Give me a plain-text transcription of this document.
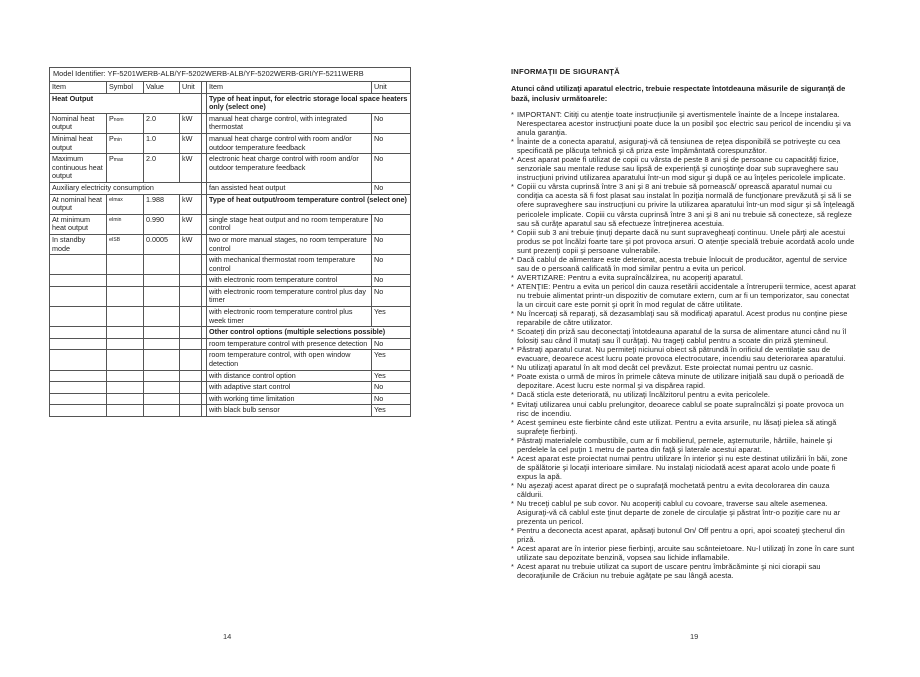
Model Identifier: YF-5201WERB-ALB/YF-5202WERB-ALB/YF-5202WERB-GRI/YF-5211WERB						
Item	Symbol	Value	Unit		Item	Unit
Heat Output					Type of heat input, for electric storage local space heaters only (select one)	
Nominal heat output	Pnom	2.0	kW		manual heat charge control, with integrated thermostat	No
Minimal heat output	Pmin	1.0	kW		manual heat charge control with room and/or outdoor temperature feedback	No
Maximum continuous heat output	Pmax	2.0	kW		electronic heat charge control with room and/or outdoor temperature feedback	No
Auxiliary electricity consumption					fan assisted heat output	No
At nominal heat output	elmax	1.988	kW		Type of heat output/room temperature control (select one)	
At minimum heat output	elmin	0.990	kW		single stage heat output and no room temperature control	No
In standby mode	elSB	0.0005	kW		two or more manual stages, no room temperature control	No
					with mechanical thermostat room temperature control	No
					with electronic room temperature control	No
					with electronic room temperature control plus day timer	No
					with electronic room temperature control plus week timer	Yes
					Other control options (multiple selections possible)	
					room temperature control with presence detection	No
					room temperature control, with open window detection	Yes
					with distance control option	Yes
					with adaptive start control	No
					with working time limitation	No
					with black bulb sensor	Yes
14
INFORMAŢII DE SIGURANŢĂ

Atunci când utilizaţi aparatul electric, trebuie respectate întotdeauna măsurile de siguranţă de bază, inclusiv următoarele:

* IMPORTANT: Citiţi cu atenţie toate instrucţiunile şi avertismentele înainte de a începe instalarea. Nerespectarea acestor instrucţiuni poate duce la un posibil şoc electric sau pericol de incendiu şi va anula garanţia.
* Înainte de a conecta aparatul, asiguraţi-vă că tensiunea de reţea disponibilă se potriveşte cu cea specificată pe plăcuţa tehnică şi că priza este împământată corespunzător.
* Acest aparat poate fi utilizat de copii cu vârsta de peste 8 ani şi de persoane cu capacităţi fizice, senzoriale sau mentale reduse sau lipsă de experienţă şi cunoştinţe doar sub supraveghere sau instrucţiuni privind utilizarea aparatului într-un mod sigur şi după ce au înţeles pericolele implicate.
* Copiii cu vârsta cuprinsă între 3 ani şi 8 ani trebuie să pornească/ oprească aparatul numai cu condiţia ca acesta să fi fost plasat sau instalat în poziţia normală de funcţionare prevăzută şi să li se ofere supraveghere sau instrucţiuni cu privire la utilizarea aparatului într-un mod sigur şi să înţeleagă pericolele implicate. Copiii cu vârsta cuprinsă între 3 ani şi 8 ani nu trebuie să conecteze, să regleze sau să curăţe aparatul sau să efectueze întreţinerea acestuia.
* Copiii sub 3 ani trebuie ţinuţi departe dacă nu sunt supravegheaţi continuu. Unele părţi ale acestui produs se pot încălzi foarte tare şi pot provoca arsuri. O atenţie specială trebuie acordată acolo unde sunt prezenţi copii şi persoane vulnerabile.
* Dacă cablul de alimentare este deteriorat, acesta trebuie înlocuit de producător, agentul de service sau de o persoană calificată în mod similar pentru a evita un pericol.
* AVERTIZARE: Pentru a evita supraîncălzirea, nu acoperiţi aparatul.
* ATENŢIE: Pentru a evita un pericol din cauza resetării accidentale a întreruperii termice, acest aparat nu trebuie alimentat printr-un dispozitiv de comutare extern, cum ar fi un temporizator, sau conectat la un circuit care este pornit şi oprit în mod regulat de către utilitate.
* Nu încercaţi să reparaţi, să dezasamblaţi sau să modificaţi aparatul. Acest produs nu conţine piese reparabile de către utilizator.
* Scoateţi din priză sau deconectaţi întotdeauna aparatul de la sursa de alimentare atunci când nu îl folosiţi sau când îl mutaţi sau îl curăţaţi. Nu trageţi cablul pentru a scoate din priză ştemineul.
* Păstraţi aparatul curat. Nu permiteţi niciunui obiect să pătrundă în orificiul de ventilaţie sau de evacuare, deoarece acest lucru poate provoca electrocutare, incendiu sau deteriorarea aparatului.
* Nu utilizaţi aparatul în alt mod decât cel prevăzut. Este proiectat numai pentru uz casnic.
* Poate exista o urmă de miros în primele câteva minute de utilizare iniţială sau după o perioadă de depozitare. Acest lucru este normal şi va dispărea rapid.
* Dacă sticla este deteriorată, nu utilizaţi încălzitorul pentru a evita pericolele.
* Evitaţi utilizarea unui cablu prelungitor, deoarece cablul se poate supraîncălzi şi poate provoca un risc de incendiu.
* Acest şemineu este fierbinte când este utilizat. Pentru a evita arsurile, nu lăsaţi pielea să atingă suprafeţe fierbinţi.
* Păstraţi materialele combustibile, cum ar fi mobilierul, pernele, aşternuturile, hârtiile, hainele şi perdelele la cel puţin 1 metru de partea din faţă şi laterale acestui aparat.
* Acest aparat este proiectat numai pentru utilizare în interior şi nu este destinat utilizării în băi, zone de spălătorie şi locaţii interioare similare. Nu instalaţi niciodată acest aparat acolo unde poate fi expus la apă.
* Nu aşezaţi acest aparat direct pe o suprafaţă mochetată pentru a evita decolorarea din cauza căldurii.
* Nu treceţi cablul pe sub covor. Nu acoperiţi cablul cu covoare, traverse sau altele asemenea. Asiguraţi-vă că cablul este ţinut departe de zonele de circulaţie şi păstrat într-o poziţie care nu ar prezenta un pericol.
* Pentru a deconecta acest aparat, apăsaţi butonul On/ Off pentru a opri, apoi scoateţi ştecherul din priză.
* Acest aparat are în interior piese fierbinţi, arcuite sau scânteietoare. Nu-l utilizaţi în zone în care sunt utilizate sau depozitate benzină, vopsea sau lichide inflamabile.
* Acest aparat nu trebuie utilizat ca suport de uscare pentru îmbrăcăminte şi nici ciorapii sau decoraţiunile de Crăciun nu trebuie agăţate pe sau lângă acesta.
19
